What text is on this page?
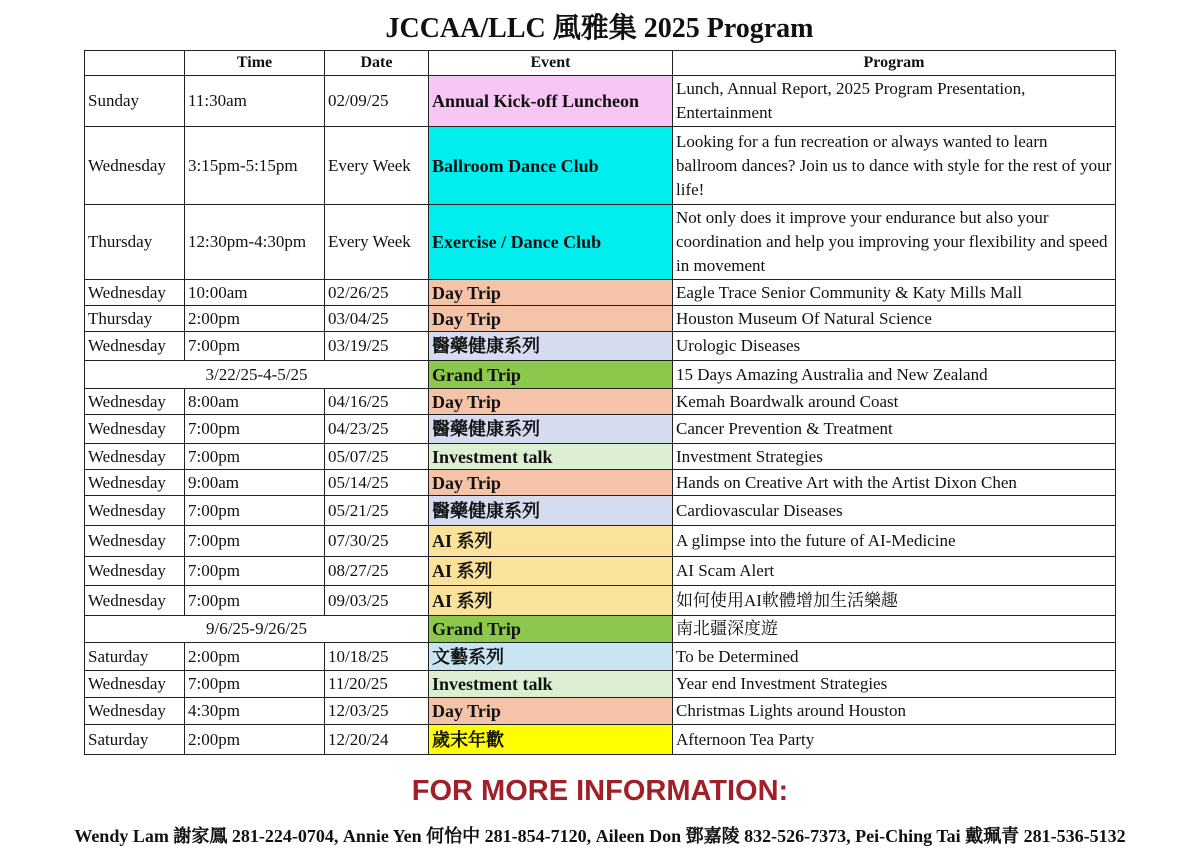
JCCAA/LLC 風雅集 2025 Program
	Time	Date	Event	Program
Sunday	11:30am	02/09/25	Annual Kick-off Luncheon	Lunch, Annual Report, 2025 Program Presentation, Entertainment
Wednesday	3:15pm-5:15pm	Every Week	Ballroom Dance Club	Looking for a fun recreation or always wanted to learn ballroom dances? Join us to dance with style for the rest of your life!
Thursday	12:30pm-4:30pm	Every Week	Exercise / Dance Club	Not only does it improve your endurance but also your coordination and help you improving your flexibility and speed in movement
Wednesday	10:00am	02/26/25	Day Trip	Eagle Trace Senior Community & Katy Mills Mall
Thursday	2:00pm	03/04/25	Day Trip	Houston Museum Of Natural Science
Wednesday	7:00pm	03/19/25	醫藥健康系列	Urologic Diseases
3/22/25-4-5/25			Grand Trip	15 Days Amazing Australia and New Zealand
Wednesday	8:00am	04/16/25	Day Trip	Kemah Boardwalk around Coast
Wednesday	7:00pm	04/23/25	醫藥健康系列	Cancer Prevention & Treatment
Wednesday	7:00pm	05/07/25	Investment talk	Investment Strategies
Wednesday	9:00am	05/14/25	Day Trip	Hands on Creative Art with the Artist Dixon Chen
Wednesday	7:00pm	05/21/25	醫藥健康系列	Cardiovascular Diseases
Wednesday	7:00pm	07/30/25	AI 系列	A glimpse into the future of AI-Medicine
Wednesday	7:00pm	08/27/25	AI 系列	AI Scam Alert
Wednesday	7:00pm	09/03/25	AI 系列	如何使用AI軟體增加生活樂趣
9/6/25-9/26/25			Grand Trip	南北疆深度遊
Saturday	2:00pm	10/18/25	文藝系列	To be Determined
Wednesday	7:00pm	11/20/25	Investment talk	Year end Investment Strategies
Wednesday	4:30pm	12/03/25	Day Trip	Christmas Lights around Houston
Saturday	2:00pm	12/20/24	歲末年歡	Afternoon Tea Party
FOR MORE INFORMATION:
Wendy Lam 謝家鳳 281-224-0704, Annie Yen 何怡中 281-854-7120, Aileen Don 鄧嘉陵 832-526-7373, Pei-Ching Tai 戴珮青 281-536-5132
